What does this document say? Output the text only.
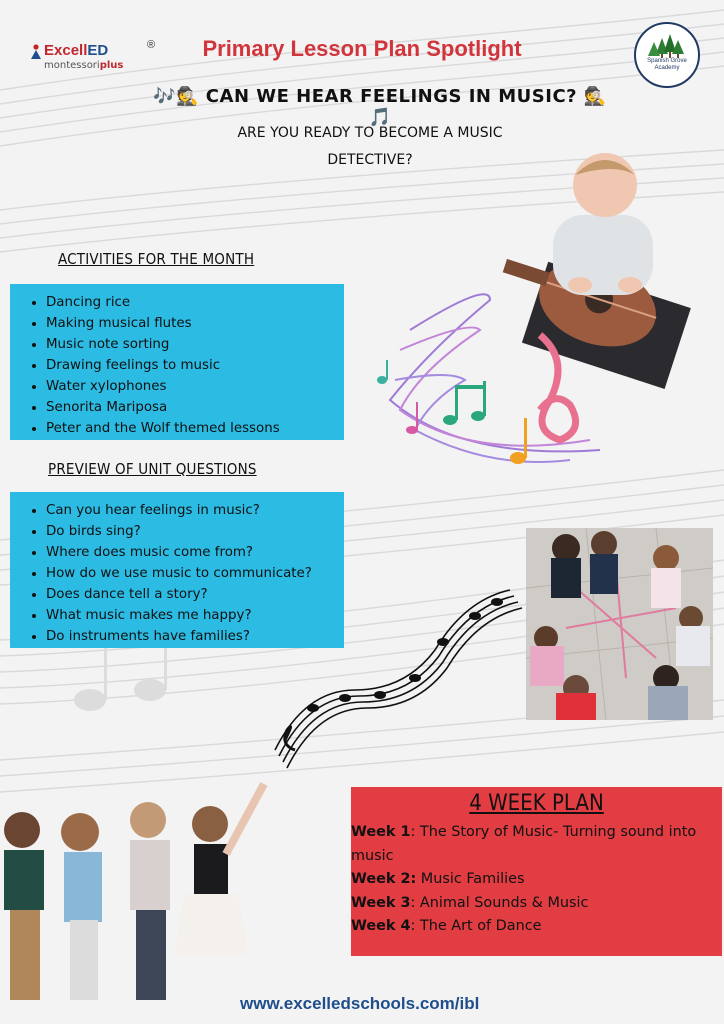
ExcellED	®
montessoriplus
Primary Lesson Plan Spotlight	Spanish Grove Academy
🎶🕵 CAN WE HEAR FEELINGS IN MUSIC? 🕵🎵
ARE YOU READY TO BECOME A MUSIC
DETECTIVE?
ACTIVITIES FOR THE MONTH
• Dancing rice
• Making musical flutes
• Music note sorting
• Drawing feelings to music
• Water xylophones
• Senorita Mariposa
• Peter and the Wolf themed lessons
PREVIEW OF UNIT QUESTIONS
• Can you hear feelings in music?
• Do birds sing?
• Where does music come from?
• How do we use music to communicate?
• Does dance tell a story?
• What music makes me happy?
• Do instruments have families?
4 WEEK PLAN
Week 1: The Story of Music- Turning sound into music
Week 2: Music Families
Week 3: Animal Sounds & Music
Week 4: The Art of Dance
www.excelledschools.com/ibl
